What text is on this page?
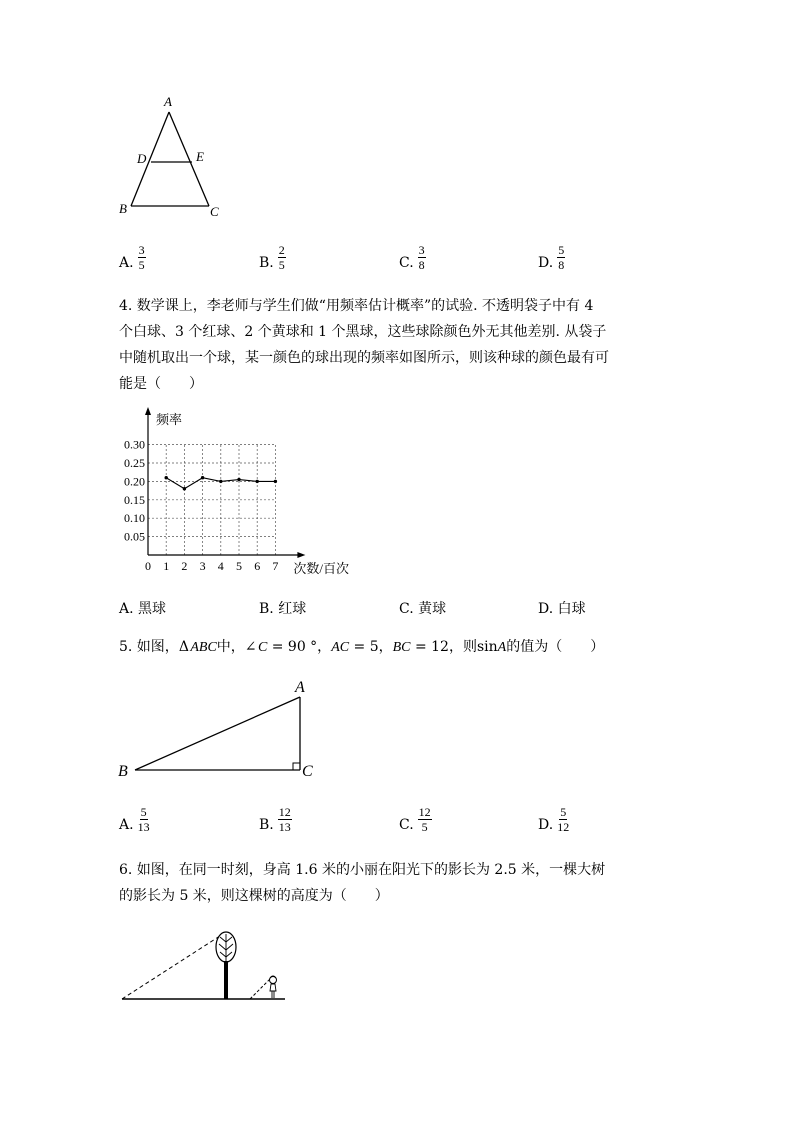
A
D	E
B	C
A. $\frac{3}{5}$	B. $\frac{2}{5}$	C. $\frac{3}{8}$	D. $\frac{5}{8}$
4. 数学课上，李老师与学生们做“用频率估计概率”的试验. 不透明袋子中有 4
个白球、3 个红球、2 个黄球和 1 个黑球，这些球除颜色外无其他差别. 从袋子
中随机取出一个球，某一颜色的球出现的频率如图所示，则该种球的颜色最有可
能是（　　）
0 1 2 3 4 5 6 7
0.05
0.10
0.15
0.20
0.25
0.30
频率
次数/百次
A. 黑球	B. 红球	C. 黄球	D. 白球
5. 如图，Δ ABC中，∠ C = 90 °，AC = 5，BC = 12，则sinA的值为（　　）
A
B	C
A. $\frac{5}{13}$	B. $\frac{12}{13}$	C. $\frac{12}{5}$	D. $\frac{5}{12}$
6. 如图，在同一时刻，身高 1.6 米的小丽在阳光下的影长为 2.5 米，一棵大树
的影长为 5 米，则这棵树的高度为（　　）
